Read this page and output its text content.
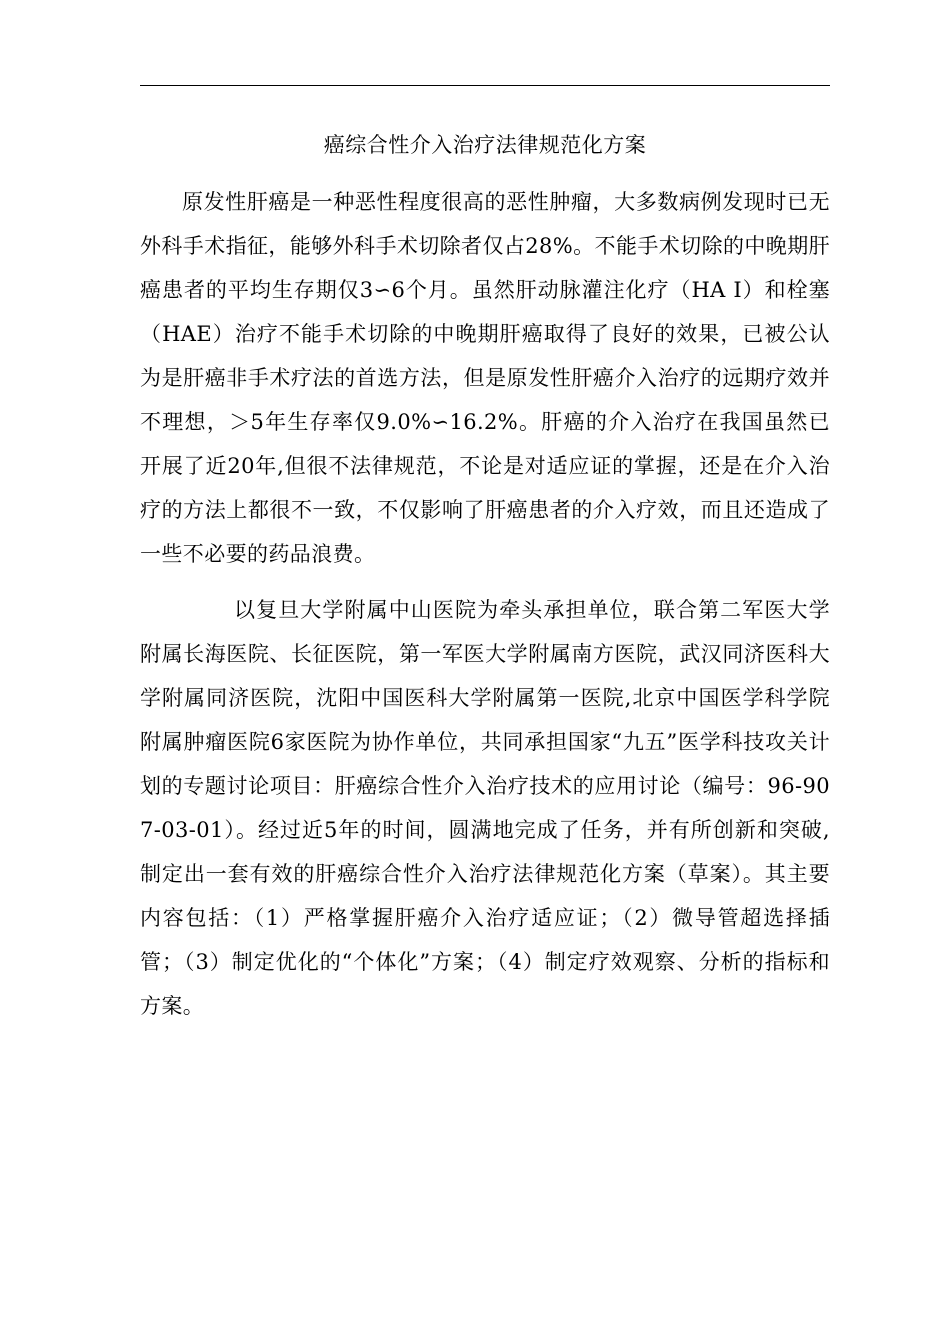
癌综合性介入治疗法律规范化方案

原发性肝癌是一种恶性程度很高的恶性肿瘤，大多数病例发现时已无外科手术指征，能够外科手术切除者仅占28%。不能手术切除的中晚期肝癌患者的平均生存期仅3∽6个月。虽然肝动脉灌注化疗（HA I）和栓塞（HAE）治疗不能手术切除的中晚期肝癌取得了良好的效果，已被公认为是肝癌非手术疗法的首选方法，但是原发性肝癌介入治疗的远期疗效并不理想，＞5年生存率仅9.0%∽16.2%。肝癌的介入治疗在我国虽然已开展了近20年,但很不法律规范，不论是对适应证的掌握，还是在介入治疗的方法上都很不一致，不仅影响了肝癌患者的介入疗效，而且还造成了一些不必要的药品浪费。

以复旦大学附属中山医院为牵头承担单位，联合第二军医大学附属长海医院、长征医院，第一军医大学附属南方医院，武汉同济医科大学附属同济医院，沈阳中国医科大学附属第一医院,北京中国医学科学院附属肿瘤医院6家医院为协作单位，共同承担国家“九五”医学科技攻关计划的专题讨论项目：肝癌综合性介入治疗技术的应用讨论（编号：96-907-03-01）。经过近5年的时间，圆满地完成了任务，并有所创新和突破,制定出一套有效的肝癌综合性介入治疗法律规范化方案（草案）。其主要内容包括：（1）严格掌握肝癌介入治疗适应证；（2）微导管超选择插管；（3）制定优化的“个体化”方案；（4）制定疗效观察、分析的指标和方案。
